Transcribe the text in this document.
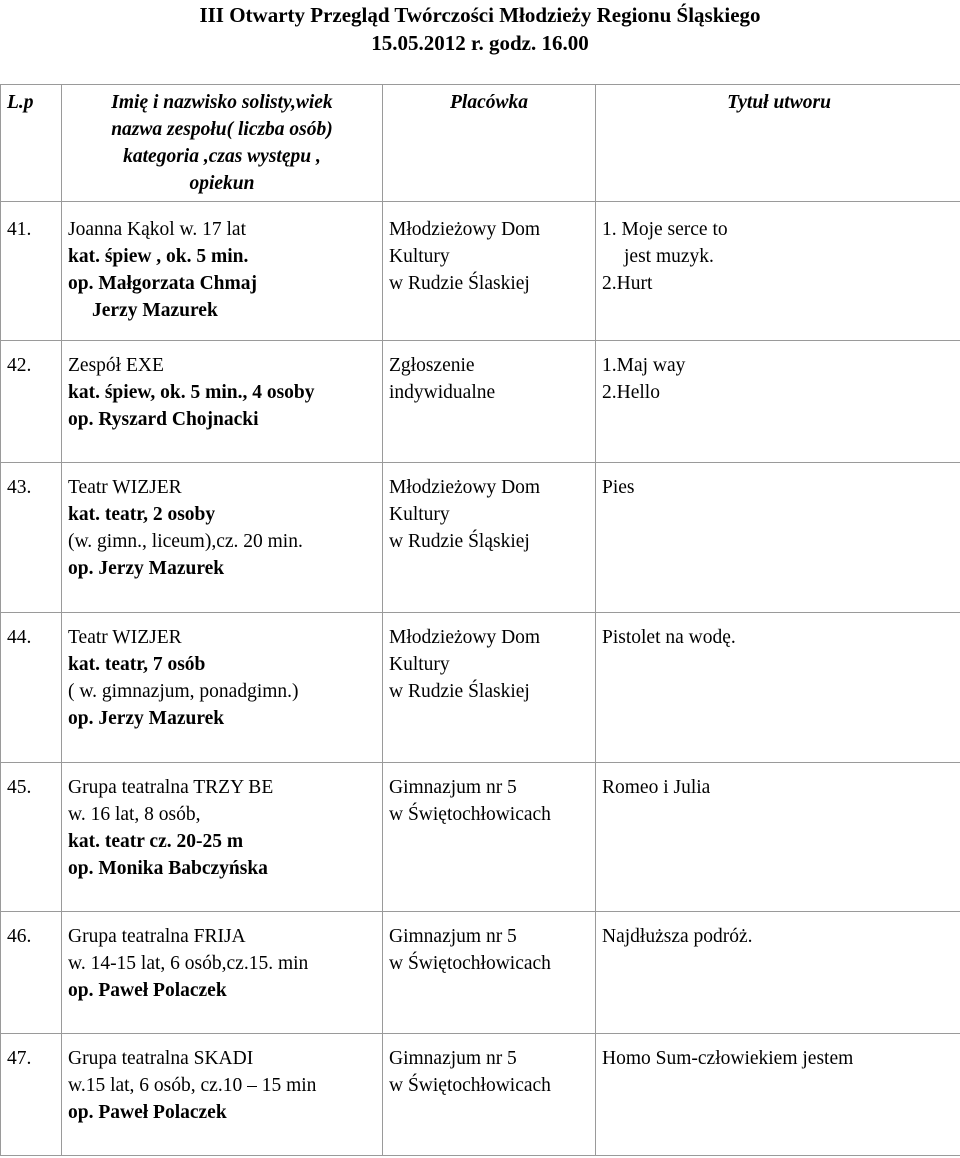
III Otwarty Przegląd Twórczości Młodzieży Regionu Śląskiego
15.05.2012 r. godz. 16.00
L.p	Imię i nazwisko solisty,wiek
nazwa zespołu( liczba osób)
kategoria ,czas występu ,
opiekun	Placówka	Tytuł utworu
41.	Joanna Kąkol w. 17 lat
kat. śpiew , ok. 5 min.
op. Małgorzata Chmaj
Jerzy Mazurek	Młodzieżowy Dom
Kultury
w Rudzie Ślaskiej	1. Moje serce to
jest muzyk.
2.Hurt

42.	Zespół EXE
kat. śpiew, ok. 5 min., 4 osoby
op. Ryszard Chojnacki	Zgłoszenie
indywidualne	1.Maj way
2.Hello

43.	Teatr WIZJER
kat. teatr, 2 osoby
(w. gimn., liceum),cz. 20 min.
op. Jerzy Mazurek	Młodzieżowy Dom
Kultury
w Rudzie Śląskiej	Pies

44.	Teatr WIZJER
kat. teatr, 7 osób
( w. gimnazjum, ponadgimn.)
op. Jerzy Mazurek	Młodzieżowy Dom
Kultury
w Rudzie Ślaskiej	Pistolet na wodę.

45.	Grupa teatralna TRZY BE
w. 16 lat, 8 osób,
kat. teatr cz. 20-25 m
op. Monika Babczyńska	Gimnazjum nr 5
w Świętochłowicach	Romeo i Julia

46.	Grupa teatralna FRIJA
w. 14-15 lat, 6 osób,cz.15. min
op. Paweł Polaczek	Gimnazjum nr 5
w Świętochłowicach	Najdłuższa podróż.

47.	Grupa teatralna SKADI
w.15 lat, 6 osób, cz.10 – 15 min
op. Paweł Polaczek	Gimnazjum nr 5
w Świętochłowicach	Homo Sum-człowiekiem jestem
